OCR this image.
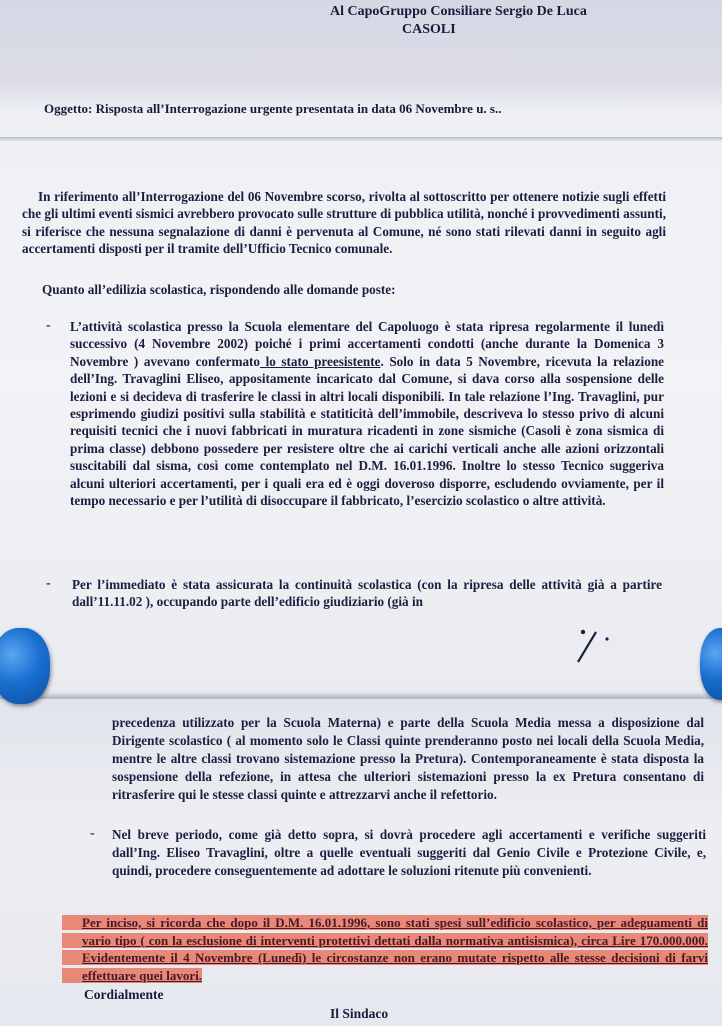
Al CapoGruppo Consiliare Sergio De Luca
CASOLI
Oggetto: Risposta all’Interrogazione urgente presentata in data 06 Novembre u. s..
In riferimento all’Interrogazione del 06 Novembre scorso, rivolta al sottoscritto per ottenere notizie sugli effetti che gli ultimi eventi sismici avrebbero provocato sulle strutture di pubblica utilità, nonché i provvedimenti assunti, si riferisce che nessuna segnalazione di danni è pervenuta al Comune, né sono stati rilevati danni in seguito agli accertamenti disposti per il tramite dell’Ufficio Tecnico comunale.
Quanto all’edilizia scolastica, rispondendo alle domande poste:
- L’attività scolastica presso la Scuola elementare del Capoluogo è stata ripresa regolarmente il lunedì successivo (4 Novembre 2002) poiché i primi accertamenti condotti (anche durante la Domenica 3 Novembre ) avevano confermato lo stato preesistente. Solo in data 5 Novembre, ricevuta la relazione dell’Ing. Travaglini Eliseo, appositamente incaricato dal Comune, si dava corso alla sospensione delle lezioni e si decideva di trasferire le classi in altri locali disponibili. In tale relazione l’Ing. Travaglini, pur esprimendo giudizi positivi sulla stabilità e statiticità dell’immobile, descriveva lo stesso privo di alcuni requisiti tecnici che i nuovi fabbricati in muratura ricadenti in zone sismiche (Casoli è zona sismica di prima classe) debbono possedere per resistere oltre che ai carichi verticali anche alle azioni orizzontali suscitabili dal sisma, così come contemplato nel D.M. 16.01.1996. Inoltre lo stesso Tecnico suggeriva alcuni ulteriori accertamenti, per i quali era ed è oggi doveroso disporre, escludendo ovviamente, per il tempo necessario e per l’utilità di disoccupare il fabbricato, l’esercizio scolastico o altre attività.
- Per l’immediato è stata assicurata la continuità scolastica (con la ripresa delle attività già a partire dall’11.11.02 ), occupando parte dell’edificio giudiziario (già in
precedenza utilizzato per la Scuola Materna) e parte della Scuola Media messa a disposizione dal Dirigente scolastico ( al momento solo le Classi quinte prenderanno posto nei locali della Scuola Media, mentre le altre classi trovano sistemazione presso la Pretura). Contemporaneamente è stata disposta la sospensione della refezione, in attesa che ulteriori sistemazioni presso la ex Pretura consentano di ritrasferire qui le stesse classi quinte e attrezzarvi anche il refettorio.
- Nel breve periodo, come già detto sopra, si dovrà procedere agli accertamenti e verifiche suggeriti dall’Ing. Eliseo Travaglini, oltre a quelle eventuali suggeriti dal Genio Civile e Protezione Civile, e, quindi, procedere conseguentemente ad adottare le soluzioni ritenute più convenienti.
Per inciso, si ricorda che dopo il D.M. 16.01.1996, sono stati spesi sull’edificio scolastico, per adeguamenti di vario tipo ( con la esclusione di interventi protettivi dettati dalla normativa antisismica), circa Lire 170.000.000. Evidentemente il 4 Novembre (Lunedì) le circostanze non erano mutate rispetto alle stesse decisioni di farvi effettuare quei lavori.
Cordialmente
Il Sindaco
